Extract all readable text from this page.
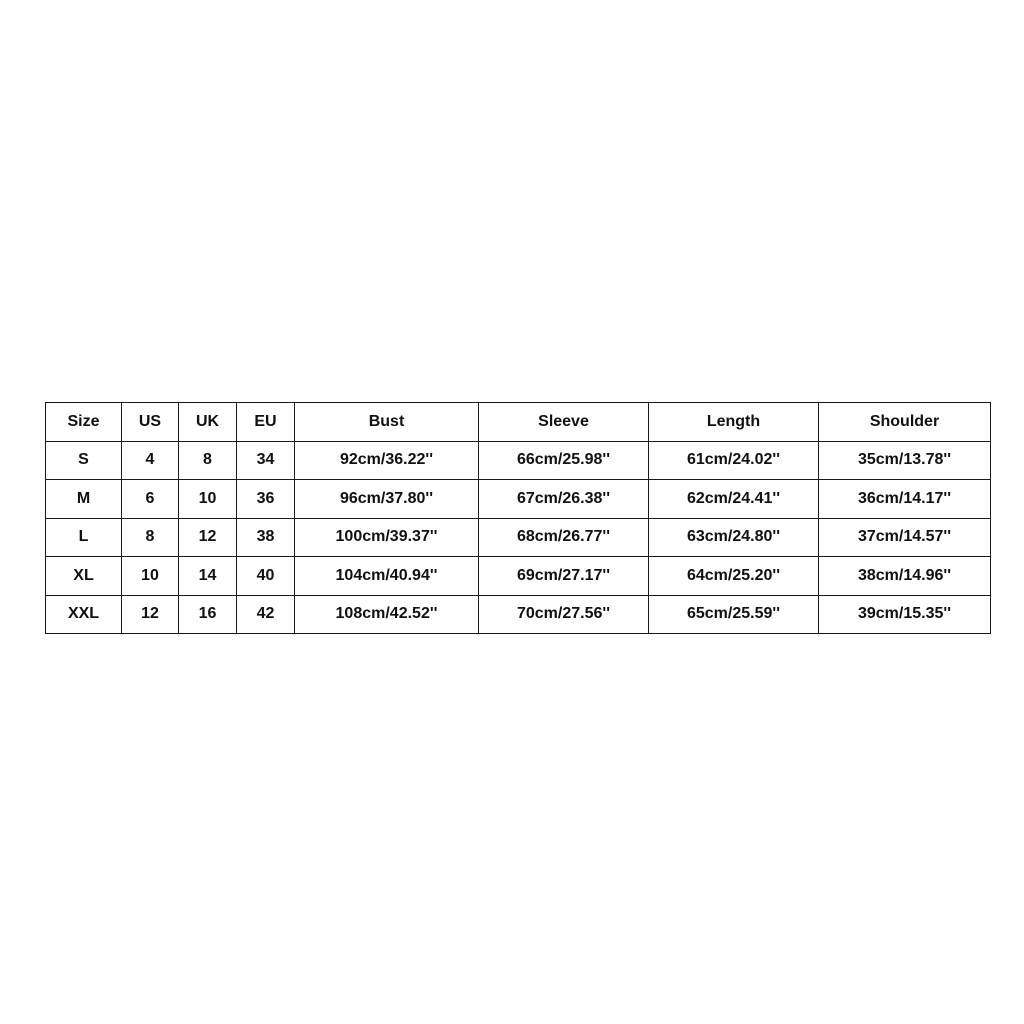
Size	US	UK	EU	Bust	Sleeve	Length	Shoulder
S	4	8	34	92cm/36.22''	66cm/25.98''	61cm/24.02''	35cm/13.78''
M	6	10	36	96cm/37.80''	67cm/26.38''	62cm/24.41''	36cm/14.17''
L	8	12	38	100cm/39.37''	68cm/26.77''	63cm/24.80''	37cm/14.57''
XL	10	14	40	104cm/40.94''	69cm/27.17''	64cm/25.20''	38cm/14.96''
XXL	12	16	42	108cm/42.52''	70cm/27.56''	65cm/25.59''	39cm/15.35''
